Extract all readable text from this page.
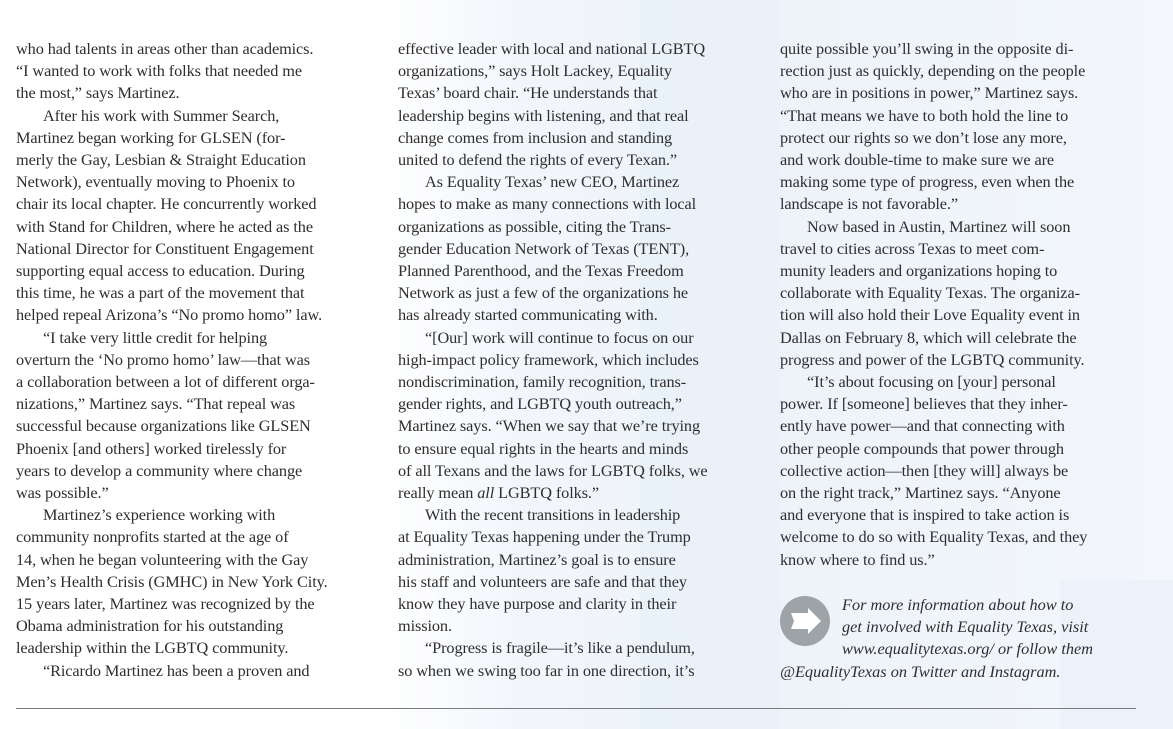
who had talents in areas other than academics.
“I wanted to work with folks that needed me
the most,” says Martinez.
After his work with Summer Search,
Martinez began working for GLSEN (for-
merly the Gay, Lesbian & Straight Education
Network), eventually moving to Phoenix to
chair its local chapter. He concurrently worked
with Stand for Children, where he acted as the
National Director for Constituent Engagement
supporting equal access to education. During
this time, he was a part of the movement that
helped repeal Arizona’s “No promo homo” law.
“I take very little credit for helping
overturn the ‘No promo homo’ law—that was
a collaboration between a lot of different orga-
nizations,” Martinez says. “That repeal was
successful because organizations like GLSEN
Phoenix [and others] worked tirelessly for
years to develop a community where change
was possible.”
Martinez’s experience working with
community nonprofits started at the age of
14, when he began volunteering with the Gay
Men’s Health Crisis (GMHC) in New York City.
15 years later, Martinez was recognized by the
Obama administration for his outstanding
leadership within the LGBTQ community.
“Ricardo Martinez has been a proven and
effective leader with local and national LGBTQ
organizations,” says Holt Lackey, Equality
Texas’ board chair. “He understands that
leadership begins with listening, and that real
change comes from inclusion and standing
united to defend the rights of every Texan.”
As Equality Texas’ new CEO, Martinez
hopes to make as many connections with local
organizations as possible, citing the Trans-
gender Education Network of Texas (TENT),
Planned Parenthood, and the Texas Freedom
Network as just a few of the organizations he
has already started communicating with.
“[Our] work will continue to focus on our
high-impact policy framework, which includes
nondiscrimination, family recognition, trans-
gender rights, and LGBTQ youth outreach,”
Martinez says. “When we say that we’re trying
to ensure equal rights in the hearts and minds
of all Texans and the laws for LGBTQ folks, we
really mean all LGBTQ folks.”
With the recent transitions in leadership
at Equality Texas happening under the Trump
administration, Martinez’s goal is to ensure
his staff and volunteers are safe and that they
know they have purpose and clarity in their
mission.
“Progress is fragile—it’s like a pendulum,
so when we swing too far in one direction, it’s
quite possible you’ll swing in the opposite di-
rection just as quickly, depending on the people
who are in positions in power,” Martinez says.
“That means we have to both hold the line to
protect our rights so we don’t lose any more,
and work double-time to make sure we are
making some type of progress, even when the
landscape is not favorable.”
Now based in Austin, Martinez will soon
travel to cities across Texas to meet com-
munity leaders and organizations hoping to
collaborate with Equality Texas. The organiza-
tion will also hold their Love Equality event in
Dallas on February 8, which will celebrate the
progress and power of the LGBTQ community.
“It’s about focusing on [your] personal
power. If [someone] believes that they inher-
ently have power—and that connecting with
other people compounds that power through
collective action—then [they will] always be
on the right track,” Martinez says. “Anyone
and everyone that is inspired to take action is
welcome to do so with Equality Texas, and they
know where to find us.”
For more information about how to
get involved with Equality Texas, visit
www.equalitytexas.org/ or follow them
@EqualityTexas on Twitter and Instagram.
